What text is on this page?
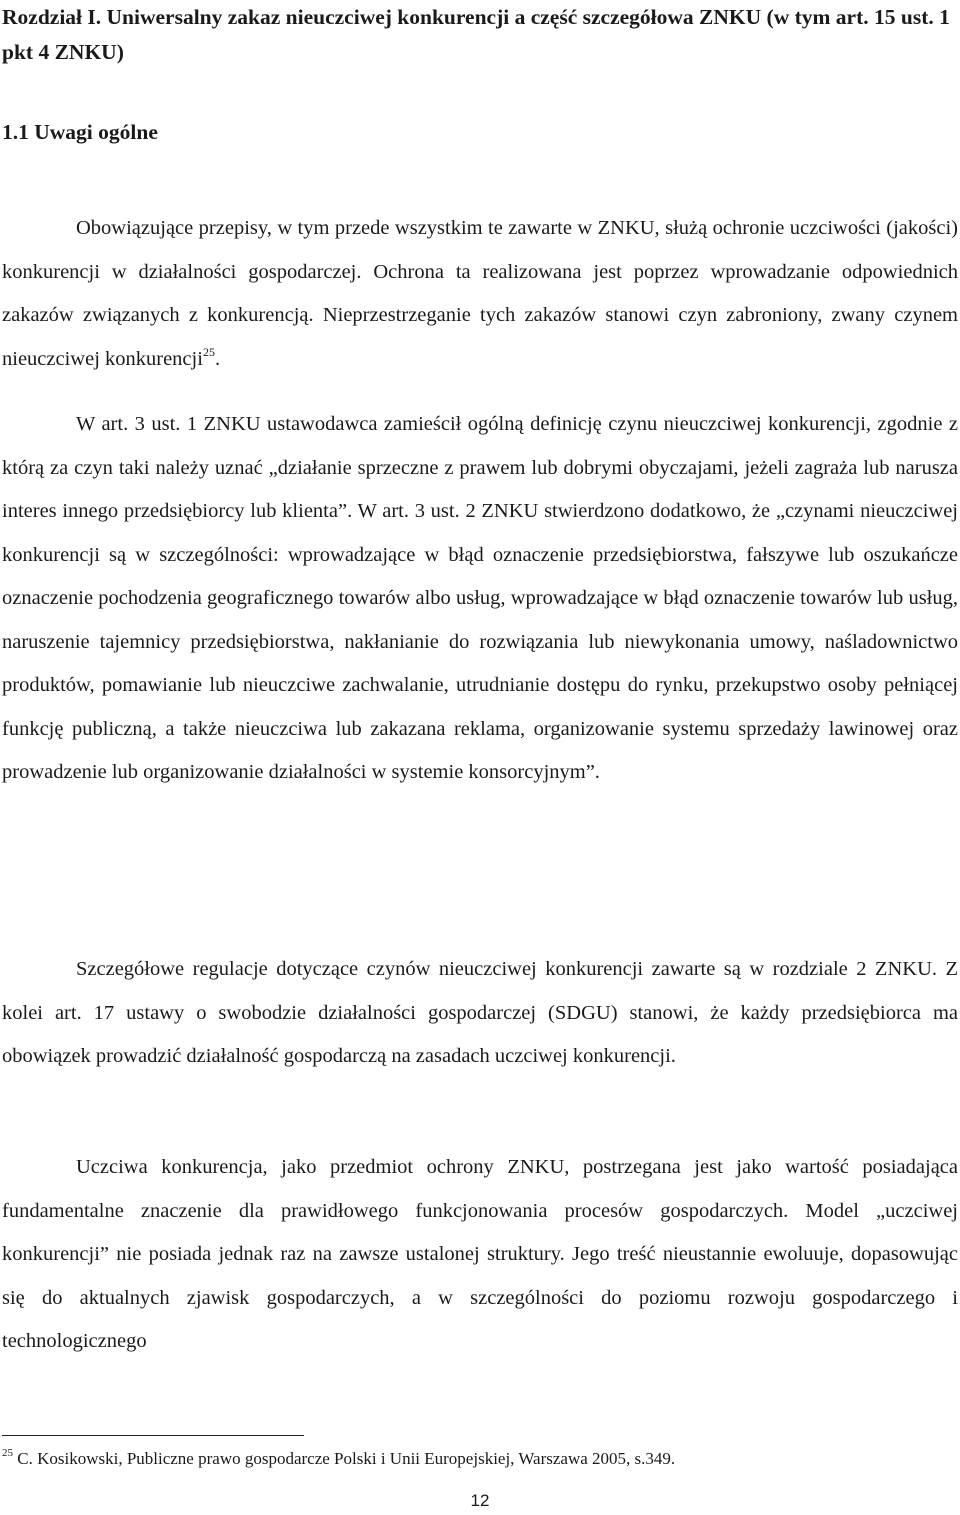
Rozdział I. Uniwersalny zakaz nieuczciwej konkurencji a część szczegółowa ZNKU (w tym art. 15 ust. 1 pkt 4 ZNKU)
1.1 Uwagi ogólne

Obowiązujące przepisy, w tym przede wszystkim te zawarte w ZNKU, służą ochronie uczciwości (jakości) konkurencji w działalności gospodarczej. Ochrona ta realizowana jest poprzez wprowadzanie odpowiednich zakazów związanych z konkurencją. Nieprzestrzeganie tych zakazów stanowi czyn zabroniony, zwany czynem nieuczciwej konkurencji$^{25}$.

W art. 3 ust. 1 ZNKU ustawodawca zamieścił ogólną definicję czynu nieuczciwej konkurencji, zgodnie z którą za czyn taki należy uznać „działanie sprzeczne z prawem lub dobrymi obyczajami, jeżeli zagraża lub narusza interes innego przedsiębiorcy lub klienta”. W art. 3 ust. 2 ZNKU stwierdzono dodatkowo, że „czynami nieuczciwej konkurencji są w szczególności: wprowadzające w błąd oznaczenie przedsiębiorstwa, fałszywe lub oszukańcze oznaczenie pochodzenia geograficznego towarów albo usług, wprowadzające w błąd oznaczenie towarów lub usług, naruszenie tajemnicy przedsiębiorstwa, nakłanianie do rozwiązania lub niewykonania umowy, naśladownictwo produktów, pomawianie lub nieuczciwe zachwalanie, utrudnianie dostępu do rynku, przekupstwo osoby pełniącej funkcję publiczną, a także nieuczciwa lub zakazana reklama, organizowanie systemu sprzedaży lawinowej oraz prowadzenie lub organizowanie działalności w systemie konsorcyjnym”.

Szczegółowe regulacje dotyczące czynów nieuczciwej konkurencji zawarte są w rozdziale 2 ZNKU. Z kolei art. 17 ustawy o swobodzie działalności gospodarczej (SDGU) stanowi, że każdy przedsiębiorca ma obowiązek prowadzić działalność gospodarczą na zasadach uczciwej konkurencji.

Uczciwa konkurencja, jako przedmiot ochrony ZNKU, postrzegana jest jako wartość posiadająca fundamentalne znaczenie dla prawidłowego funkcjonowania procesów gospodarczych. Model „uczciwej konkurencji” nie posiada jednak raz na zawsze ustalonej struktury. Jego treść nieustannie ewoluuje, dopasowując się do aktualnych zjawisk gospodarczych, a w szczególności do poziomu rozwoju gospodarczego i technologicznego

$^{25}$ C. Kosikowski, Publiczne prawo gospodarcze Polski i Unii Europejskiej, Warszawa 2005, s.349.

12
